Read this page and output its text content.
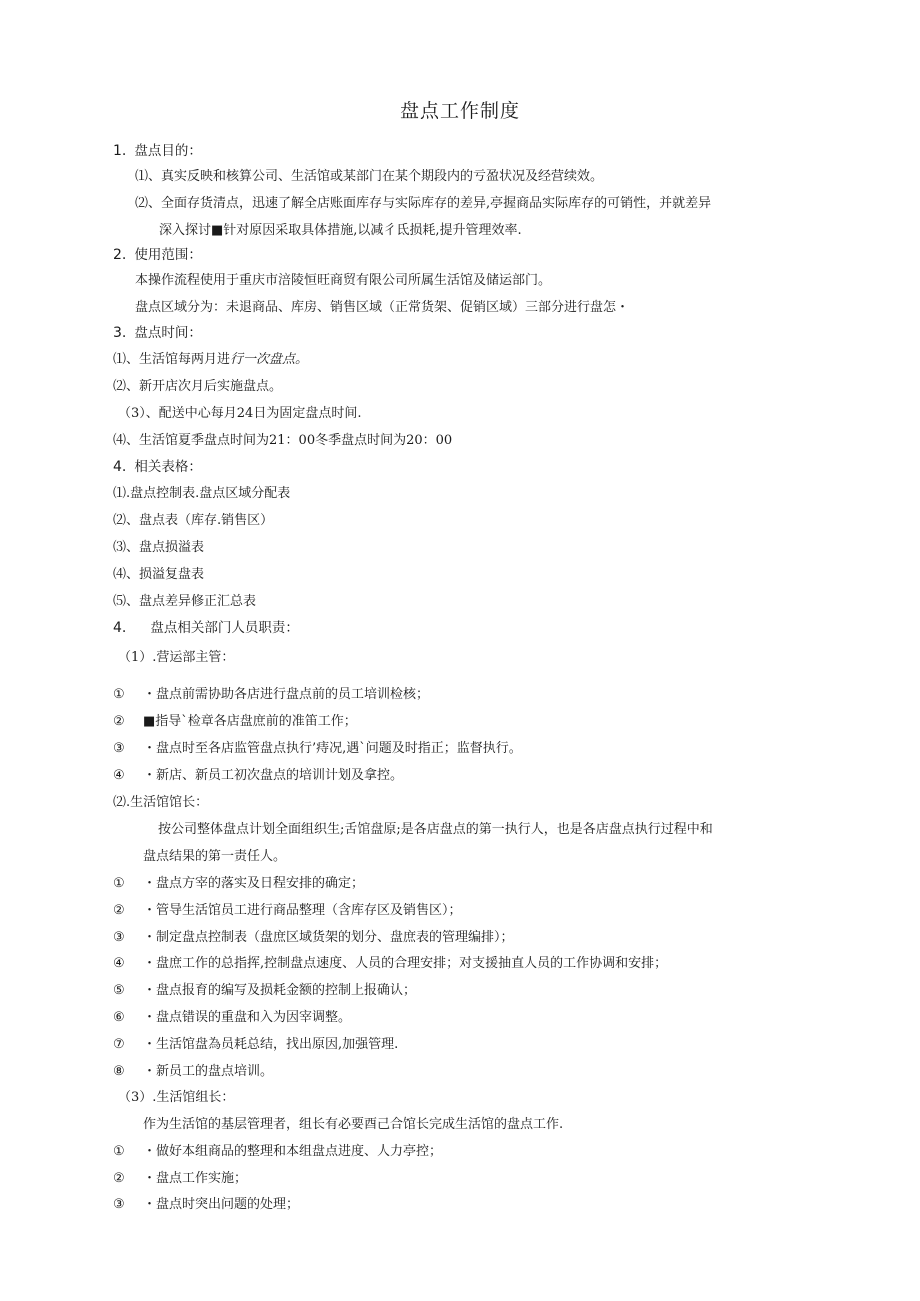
盘点工作制度
1. 盘点目的：
⑴、真实反映和核算公司、生活馆或某部门在某个期段内的亏盈状况及经营续效。
⑵、全面存货清点，迅速了解全店账面库存与实际库存的差异,亭握商品实际库存的可销性，并就差异
深入探讨■针对原因采取具体措施,以减彳氐损耗,提升管理效率.
2. 使用范围：
本操作流程使用于重庆市涪陵恒旺商贸有限公司所属生活馆及储运部门。
盘点区域分为：未退商品、库房、销售区域（正常货架、促销区域）三部分进行盘怎・
3. 盘点时间：
⑴、生活馆每两月进行一次盘点。
⑵、新开店次月后实施盘点。
（3）、配送中心每月24日为固定盘点时间.
⑷、生活馆夏季盘点时间为21：00冬季盘点时间为20：00
4. 相关表格：
⑴.盘点控制表.盘点区域分配表
⑵、盘点表（库存.销售区）
⑶、盘点损溢表
⑷、损溢复盘表
⑸、盘点差异修正汇总表
4. 盘点相关部门人员职责：
（1）.营运部主管：
① ・盘点前需协助各店进行盘点前的员工培训检核；
② ■指导`检章各店盘庶前的准笛工作；
③ ・盘点时至各店监管盘点执行’痔况,遇`问题及时指正；监督执行。
④ ・新店、新员工初次盘点的培训计划及拿控。
⑵.生活馆馆长：
按公司整体盘点计划全面组织生;舌馆盘原;是各店盘点的第一执行人，也是各店盘点执行过程中和
盘点结果的第一责任人。
① ・盘点方宰的落实及日程安排的确定；
② ・管导生活馆员工进行商品整理（含库存区及销售区）；
③ ・制定盘点控制表（盘庶区域货架的划分、盘庶表的管理编排）；
④ ・盘庶工作的总指挥,控制盘点速度、人员的合理安排；对支援抽直人员的工作协调和安排；
⑤ ・盘点报育的编写及损耗金额的控制上报确认；
⑥ ・盘点错误的重盘和入为因宰调整。
⑦ ・生活馆盘為员耗总结，找出原因,加强管理.
⑧ ・新员工的盘点培训。
（3）.生活馆组长：
作为生活馆的基层管理者，组长有必要酉己合馆长完成生活馆的盘点工作.
① ・做好本组商品的整理和本组盘点进度、人力亭控；
② ・盘点工作实施；
③ ・盘点时突出问题的处理；
